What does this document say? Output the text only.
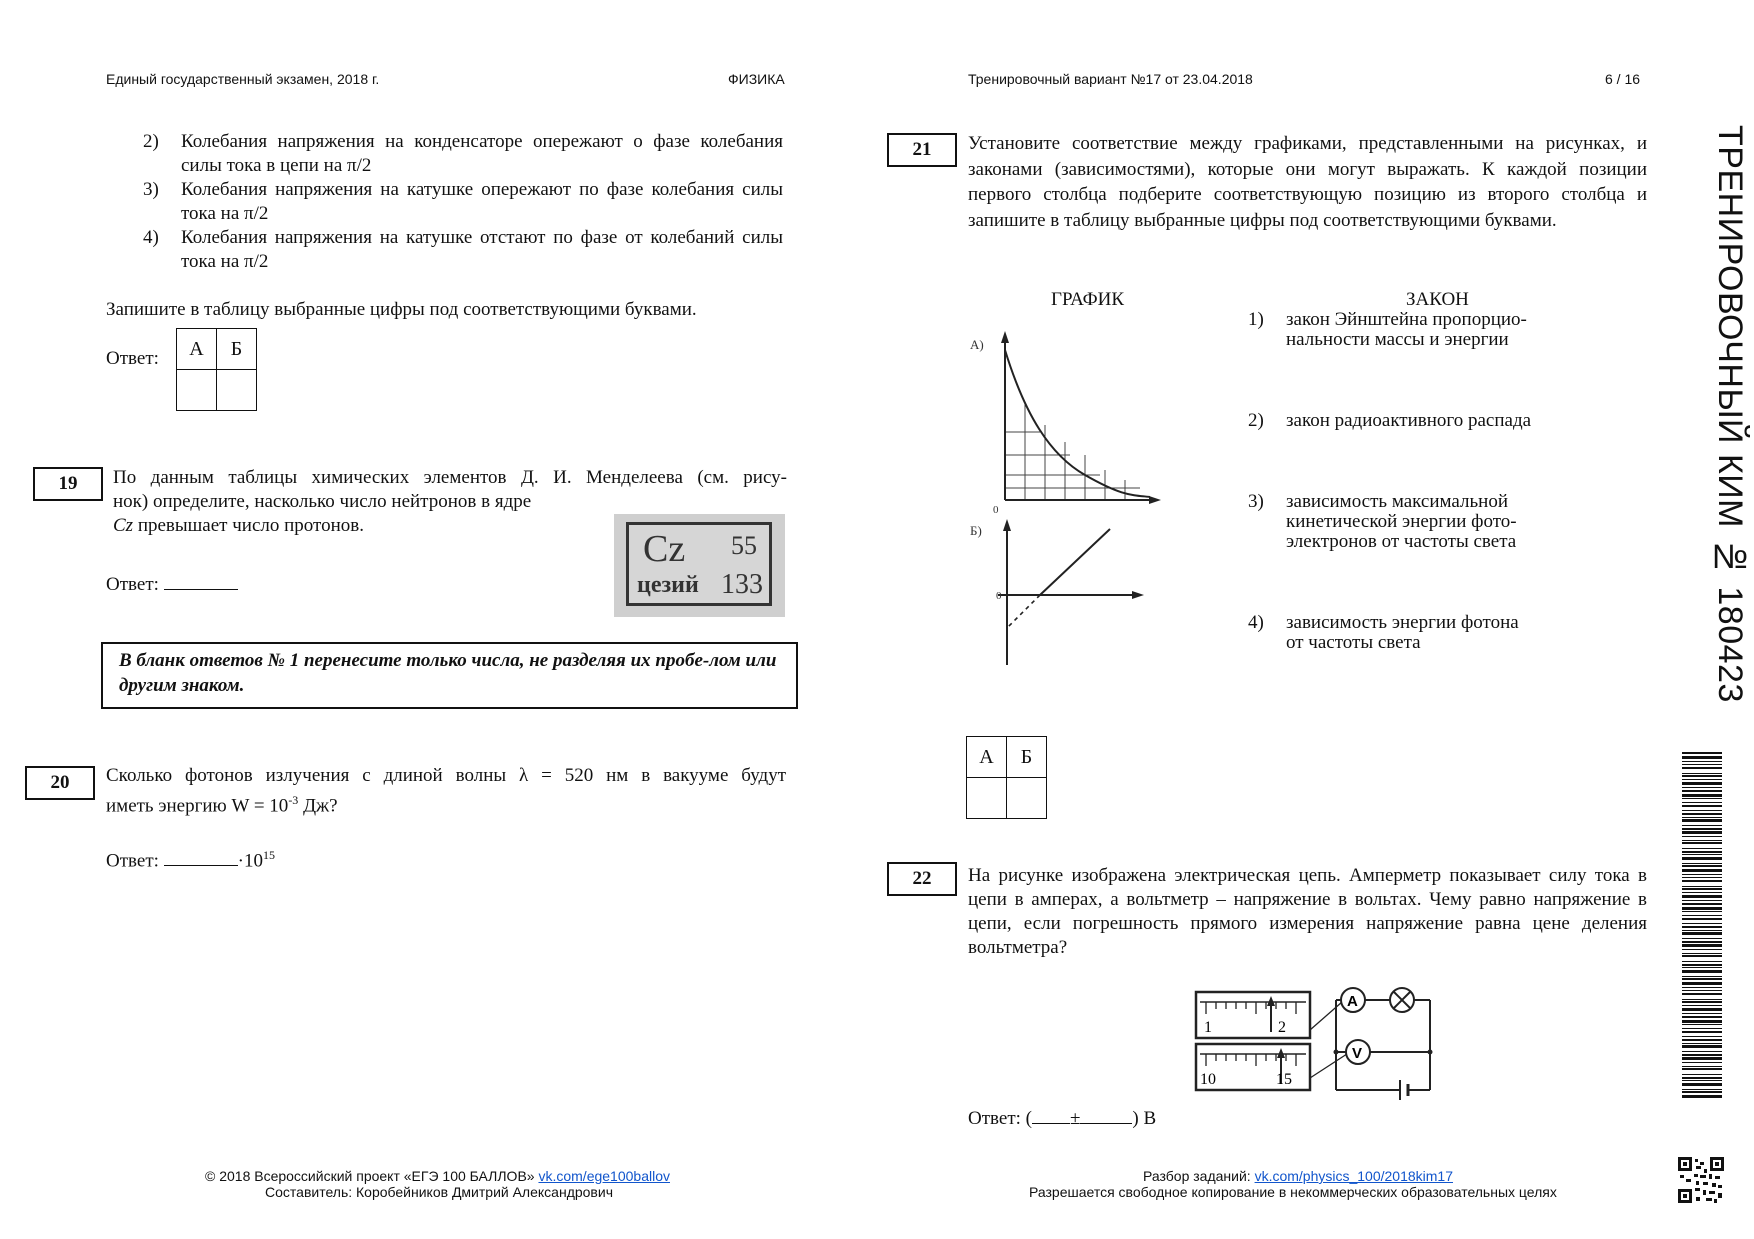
Единый государственный экзамен, 2018 г.	ФИЗИКА	Тренировочный вариант №17 от 23.04.2018	6 / 16
2)	Колебания напряжения на конденсаторе опережают о фазе колебания силы тока в цепи на π/2
3)	Колебания напряжения на катушке опережают по фазе колебания силы тока на π/2
4)	Колебания напряжения на катушке отстают по фазе от колебаний силы тока на π/2
Запишите в таблицу выбранные цифры под соответствующими буквами.
Ответ: А	Б

19	По данным таблицы химических элементов Д. И. Менделеева (см. рису-
нок) определите, насколько число нейтронов в ядре
Cz превышает число протонов.
Cz 55
цезий 133
Ответ:
В бланк ответов № 1 перенесите только числа, не разделяя их пробе-лом или другим знаком.
20	Сколько фотонов излучения с длиной волны λ = 520 нм в вакууме будут
иметь энергию $W = 10^{-3}$ Дж?
Ответ:	$\cdot 10^{15}$
21	Установите соответствие между графиками, представленными на рисунках, и законами (зависимостями), которые они могут выражать. К каждой позиции первого столбца подберите соответствующую позицию из второго столбца и запишите в таблицу выбранные цифры под соответствующими буквами.
ГРАФИК	ЗАКОН
А)
0
Б)
0
1) закон Эйнштейна пропорцио-
нальности массы и энергии
2) закон радиоактивного распада
3) зависимость максимальной
кинетической энергии фото-
электронов от частоты света
4) зависимость энергии фотона
от частоты света
А	Б

22	На рисунке изображена электрическая цепь. Амперметр показывает силу тока в цепи в амперах, а вольтметр – напряжение в вольтах. Чему равно напряжение в цепи, если погрешность прямого измерения напряжение равна цене деления вольтметра?
1	2
10	15
A
V
Ответ: ( ±	) В
ТРЕНИРОВОЧНЫЙ КИМ № 180423
© 2018 Всероссийский проект «ЕГЭ 100 БАЛЛОВ» vk.com/ege100ballov
Составитель: Коробейников Дмитрий Александрович
Разбор заданий: vk.com/physics_100/2018kim17
Разрешается свободное копирование в некоммерческих образовательных целях
